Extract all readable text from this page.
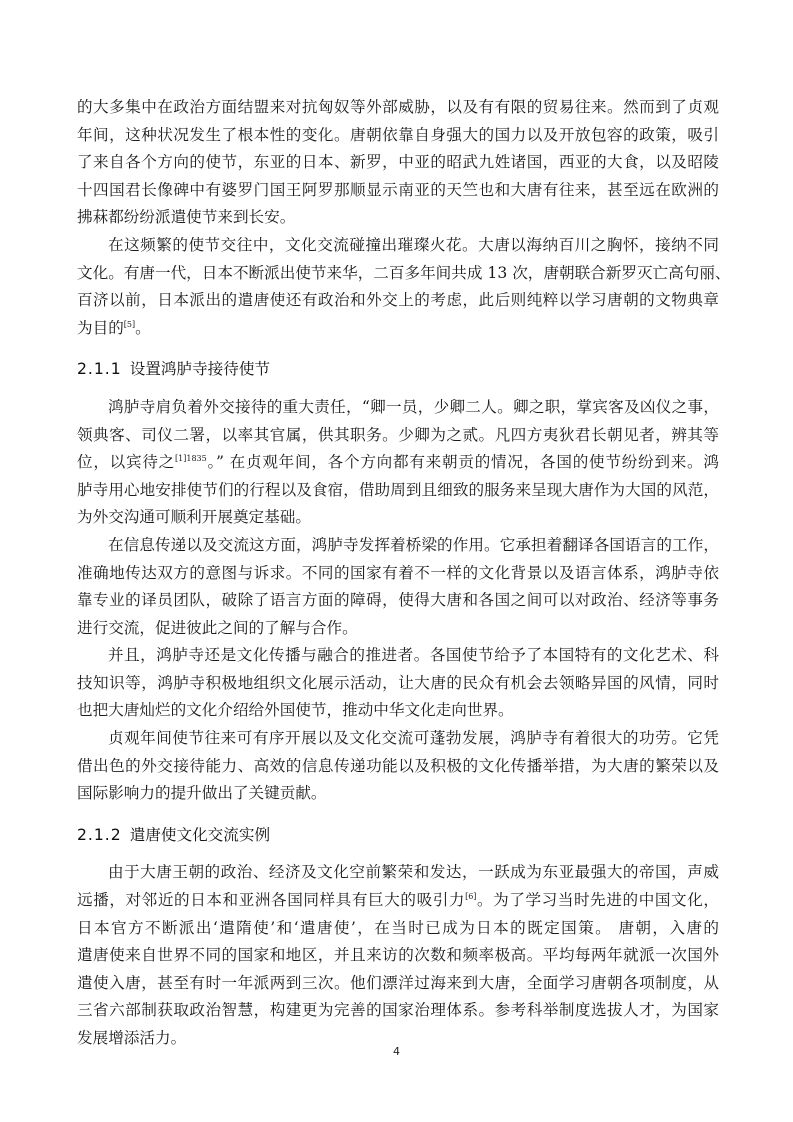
的大多集中在政治方面结盟来对抗匈奴等外部威胁，以及有有限的贸易往来。然而到了贞观
年间，这种状况发生了根本性的变化。唐朝依靠自身强大的国力以及开放包容的政策，吸引
了来自各个方向的使节，东亚的日本、新罗，中亚的昭武九姓诸国，西亚的大食，以及昭陵
十四国君长像碑中有婆罗门国王阿罗那顺显示南亚的天竺也和大唐有往来，甚至远在欧洲的
拂菻都纷纷派遣使节来到长安。
在这频繁的使节交往中，文化交流碰撞出璀璨火花。大唐以海纳百川之胸怀，接纳不同
文化。有唐一代，日本不断派出使节来华，二百多年间共成 13 次，唐朝联合新罗灭亡高句丽、
百济以前，日本派出的遣唐使还有政治和外交上的考虑，此后则纯粹以学习唐朝的文物典章
为目的[5]。
2.1.1 设置鸿胪寺接待使节
鸿胪寺肩负着外交接待的重大责任，“卿一员，少卿二人。卿之职，掌宾客及凶仪之事，
领典客、司仪二署，以率其官属，供其职务。少卿为之贰。凡四方夷狄君长朝见者，辨其等
位，以宾待之$^{[1]1835}$。” 在贞观年间，各个方向都有来朝贡的情况，各国的使节纷纷到来。鸿
胪寺用心地安排使节们的行程以及食宿，借助周到且细致的服务来呈现大唐作为大国的风范，
为外交沟通可顺利开展奠定基础。
在信息传递以及交流这方面，鸿胪寺发挥着桥梁的作用。它承担着翻译各国语言的工作，
准确地传达双方的意图与诉求。不同的国家有着不一样的文化背景以及语言体系，鸿胪寺依
靠专业的译员团队，破除了语言方面的障碍，使得大唐和各国之间可以对政治、经济等事务
进行交流，促进彼此之间的了解与合作。
并且，鸿胪寺还是文化传播与融合的推进者。各国使节给予了本国特有的文化艺术、科
技知识等，鸿胪寺积极地组织文化展示活动，让大唐的民众有机会去领略异国的风情，同时
也把大唐灿烂的文化介绍给外国使节，推动中华文化走向世界。
贞观年间使节往来可有序开展以及文化交流可蓬勃发展，鸿胪寺有着很大的功劳。它凭
借出色的外交接待能力、高效的信息传递功能以及积极的文化传播举措，为大唐的繁荣以及
国际影响力的提升做出了关键贡献。
2.1.2 遣唐使文化交流实例
由于大唐王朝的政治、经济及文化空前繁荣和发达，一跃成为东亚最强大的帝国，声威
远播，对邻近的日本和亚洲各国同样具有巨大的吸引力[6]。为了学习当时先进的中国文化，
日本官方不断派出‘遣隋使’和‘遣唐使’，在当时已成为日本的既定国策。 唐朝，入唐的
遣唐使来自世界不同的国家和地区，并且来访的次数和频率极高。平均每两年就派一次国外
遣使入唐，甚至有时一年派两到三次。他们漂洋过海来到大唐，全面学习唐朝各项制度，从
三省六部制获取政治智慧，构建更为完善的国家治理体系。参考科举制度选拔人才，为国家
发展增添活力。
4
